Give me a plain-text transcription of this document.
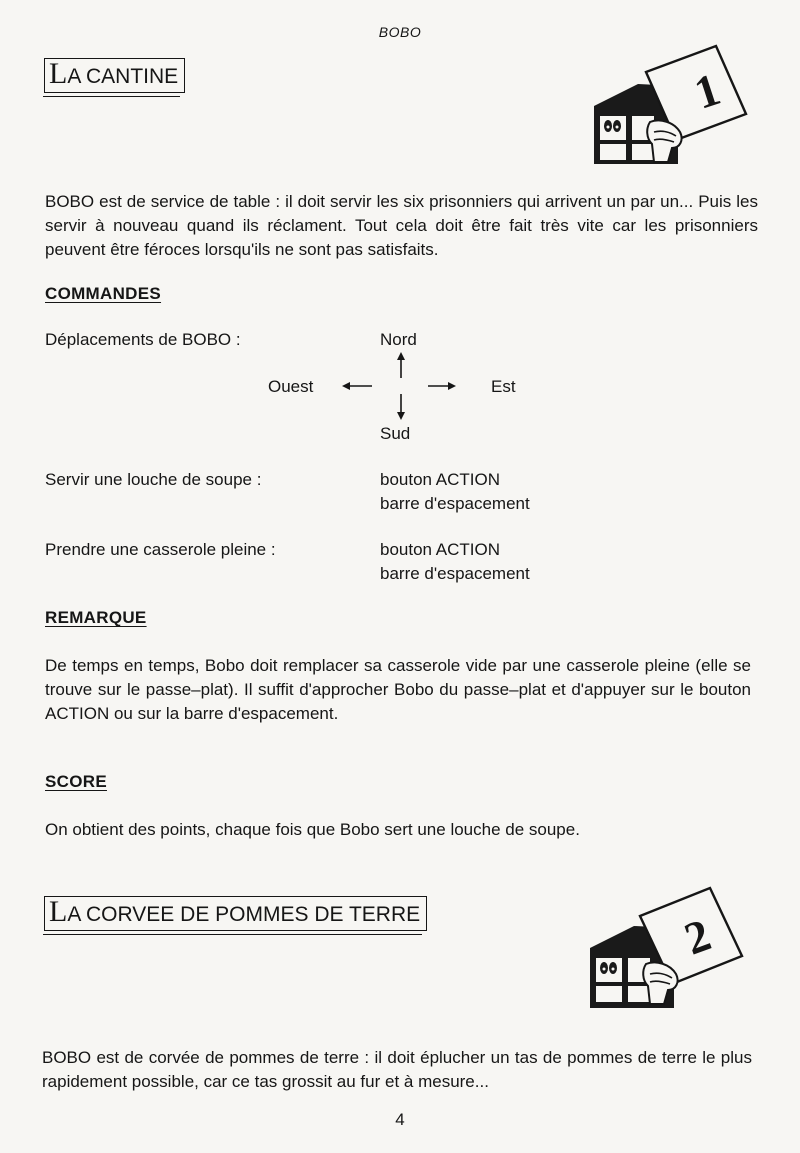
BOBO
LA CANTINE	1

BOBO est de service de table : il doit servir les six prisonniers qui arrivent un par un... Puis les servir à nouveau quand ils réclament. Tout cela doit être fait très vite car les prisonniers peuvent être féroces lorsqu'ils ne sont pas satisfaits.

COMMANDES
Déplacements de BOBO :	Nord
Ouest	Est
Sud
Servir une louche de soupe :	bouton ACTION
barre d'espacement
Prendre une casserole pleine :	bouton ACTION
barre d'espacement
REMARQUE

De temps en temps, Bobo doit remplacer sa casserole vide par une casserole pleine (elle se trouve sur le passe–plat). Il suffit d'approcher Bobo du passe–plat et d'appuyer sur le bouton ACTION ou sur la barre d'espacement.

SCORE
On obtient des points, chaque fois que Bobo sert une louche de soupe.
LA CORVEE DE POMMES DE TERRE	2

BOBO est de corvée de pommes de terre : il doit éplucher un tas de pommes de terre le plus rapidement possible, car ce tas grossit au fur et à mesure...

4
